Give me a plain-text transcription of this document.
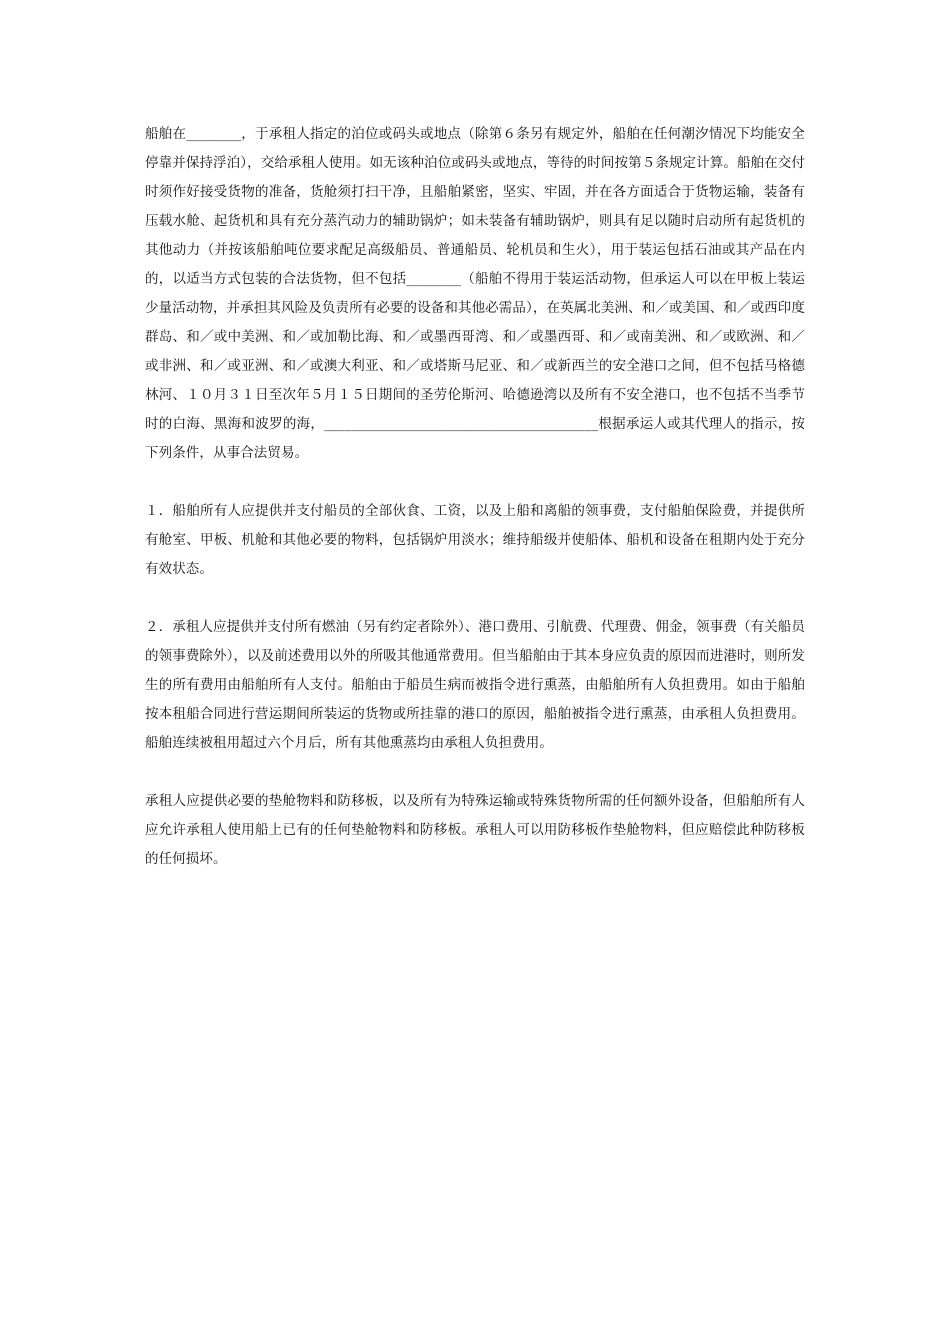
船舶在________，于承租人指定的泊位或码头或地点（除第６条另有规定外，船舶在任何潮汐情况下均能安全停靠并保持浮泊），交给承租人使用。如无该种泊位或码头或地点，等待的时间按第５条规定计算。船舶在交付时须作好接受货物的准备，货舱须打扫干净，且船舶紧密，坚实、牢固，并在各方面适合于货物运输，装备有压载水舱、起货机和具有充分蒸汽动力的辅助锅炉；如未装备有辅助锅炉，则具有足以随时启动所有起货机的其他动力（并按该船舶吨位要求配足高级船员、普通船员、轮机员和生火），用于装运包括石油或其产品在内的，以适当方式包装的合法货物，但不包括________（船舶不得用于装运活动物，但承运人可以在甲板上装运少量活动物，并承担其风险及负责所有必要的设备和其他必需品），在英属北美洲、和／或美国、和／或西印度群岛、和／或中美洲、和／或加勒比海、和／或墨西哥湾、和／或墨西哥、和／或南美洲、和／或欧洲、和／或非洲、和／或亚洲、和／或澳大利亚、和／或塔斯马尼亚、和／或新西兰的安全港口之间，但不包括马格德林河、１０月３１日至次年５月１５日期间的圣劳伦斯河、哈德逊湾以及所有不安全港口，也不包括不当季节时的白海、黑海和波罗的海，________________________________________根据承运人或其代理人的指示，按下列条件，从事合法贸易。

１．船舶所有人应提供并支付船员的全部伙食、工资，以及上船和离船的领事费，支付船舶保险费，并提供所有舱室、甲板、机舱和其他必要的物料，包括锅炉用淡水；维持船级并使船体、船机和设备在租期内处于充分有效状态。

２．承租人应提供并支付所有燃油（另有约定者除外）、港口费用、引航费、代理费、佣金，领事费（有关船员的领事费除外），以及前述费用以外的所吸其他通常费用。但当船舶由于其本身应负责的原因而进港时，则所发生的所有费用由船舶所有人支付。船舶由于船员生病而被指令进行熏蒸，由船舶所有人负担费用。如由于船舶按本租船合同进行营运期间所装运的货物或所挂靠的港口的原因，船舶被指令进行熏蒸，由承租人负担费用。船舶连续被租用超过六个月后，所有其他熏蒸均由承租人负担费用。

承租人应提供必要的垫舱物料和防移板，以及所有为特殊运输或特殊货物所需的任何额外设备，但船舶所有人应允许承租人使用船上已有的任何垫舱物料和防移板。承租人可以用防移板作垫舱物料，但应赔偿此种防移板的任何损坏。
